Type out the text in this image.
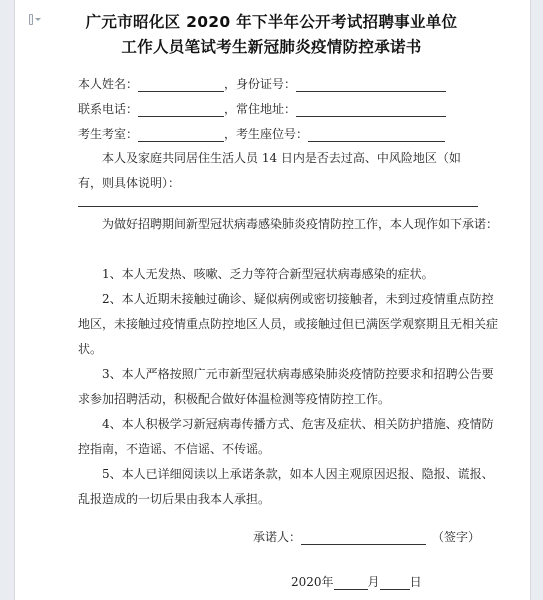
广元市昭化区 2020 年下半年公开考试招聘事业单位
工作人员笔试考生新冠肺炎疫情防控承诺书
本人姓名：	，身份证号：
联系电话：	，常住地址：
考生考室：	，考生座位号：
本人及家庭共同居住生活人员 14 日内是否去过高、中风险地区（如
有，则具体说明）：
为做好招聘期间新型冠状病毒感染肺炎疫情防控工作，本人现作如下承诺：
1、本人无发热、咳嗽、乏力等符合新型冠状病毒感染的症状。
2、本人近期未接触过确诊、疑似病例或密切接触者，未到过疫情重点防控地区，未接触过疫情重点防控地区人员，或接触过但已满医学观察期且无相关症状。
3、本人严格按照广元市新型冠状病毒感染肺炎疫情防控要求和招聘公告要求参加招聘活动，积极配合做好体温检测等疫情防控工作。
4、本人积极学习新冠病毒传播方式、危害及症状、相关防护措施、疫情防控指南，不造谣、不信谣、不传谣。
5、本人已详细阅读以上承诺条款，如本人因主观原因迟报、隐报、谎报、乱报造成的一切后果由我本人承担。
承诺人：	（签字）
2020年	月	日
